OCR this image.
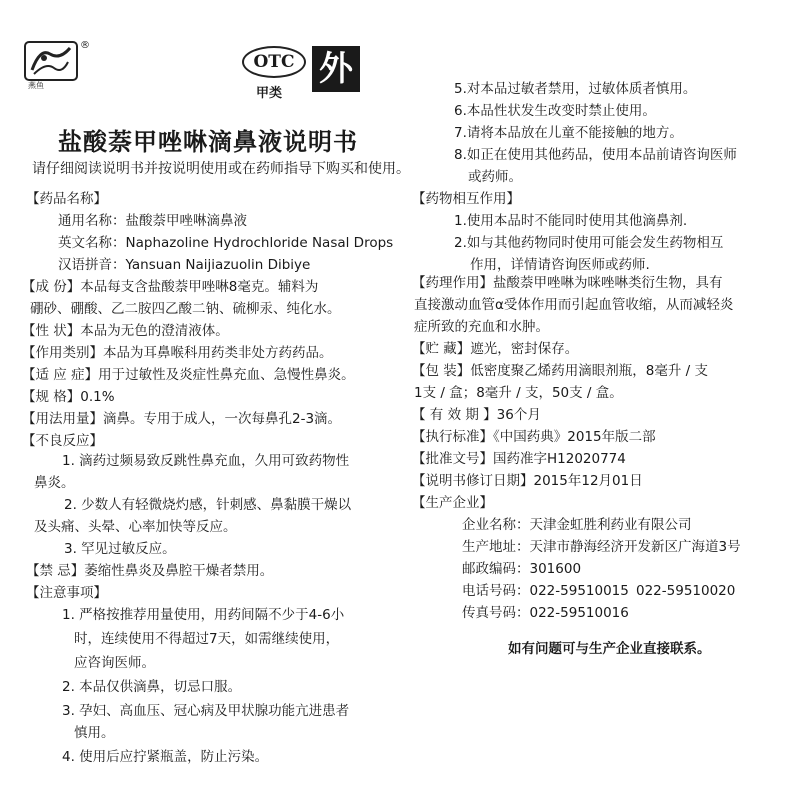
燕鱼
®
OTC
甲类
外
盐酸萘甲唑啉滴鼻液说明书
请仔细阅读说明书并按说明使用或在药师指导下购买和使用。
【药品名称】
通用名称：盐酸萘甲唑啉滴鼻液
英文名称：Naphazoline Hydrochloride Nasal Drops
汉语拼音：Yansuan Naijiazuolin Dibiye
【成 份】本品每支含盐酸萘甲唑啉8毫克。辅料为
硼砂、硼酸、乙二胺四乙酸二钠、硫柳汞、纯化水。
【性 状】本品为无色的澄清液体。
【作用类别】本品为耳鼻喉科用药类非处方药药品。
【适 应 症】用于过敏性及炎症性鼻充血、急慢性鼻炎。
【规 格】0.1%
【用法用量】滴鼻。专用于成人，一次每鼻孔2-3滴。
【不良反应】
1. 滴药过频易致反跳性鼻充血，久用可致药物性
鼻炎。
2. 少数人有轻微烧灼感，针刺感、鼻黏膜干燥以
及头痛、头晕、心率加快等反应。
3. 罕见过敏反应。
【禁 忌】萎缩性鼻炎及鼻腔干燥者禁用。
【注意事项】
1. 严格按推荐用量使用，用药间隔不少于4-6小
时，连续使用不得超过7天，如需继续使用，
应咨询医师。
2. 本品仅供滴鼻，切忌口服。
3. 孕妇、高血压、冠心病及甲状腺功能亢进患者
慎用。
4. 使用后应拧紧瓶盖，防止污染。
5.对本品过敏者禁用，过敏体质者慎用。
6.本品性状发生改变时禁止使用。
7.请将本品放在儿童不能接触的地方。
8.如正在使用其他药品，使用本品前请咨询医师
或药师。
【药物相互作用】
1.使用本品时不能同时使用其他滴鼻剂.
2.如与其他药物同时使用可能会发生药物相互
作用，详情请咨询医师或药师.
【药理作用】盐酸萘甲唑啉为咪唑啉类衍生物，具有
直接激动血管α受体作用而引起血管收缩，从而减轻炎
症所致的充血和水肿。
【贮 藏】遮光，密封保存。
【包 装】低密度聚乙烯药用滴眼剂瓶，8毫升 / 支
1支 / 盒；8毫升 / 支，50支 / 盒。
【 有 效 期 】36个月
【执行标准】《中国药典》2015年版二部
【批准文号】国药准字H12020774
【说明书修订日期】2015年12月01日
【生产企业】
企业名称：天津金虹胜利药业有限公司
生产地址：天津市静海经济开发新区广海道3号
邮政编码：301600
电话号码：022-59510015 022-59510020
传真号码：022-59510016
如有问题可与生产企业直接联系。
